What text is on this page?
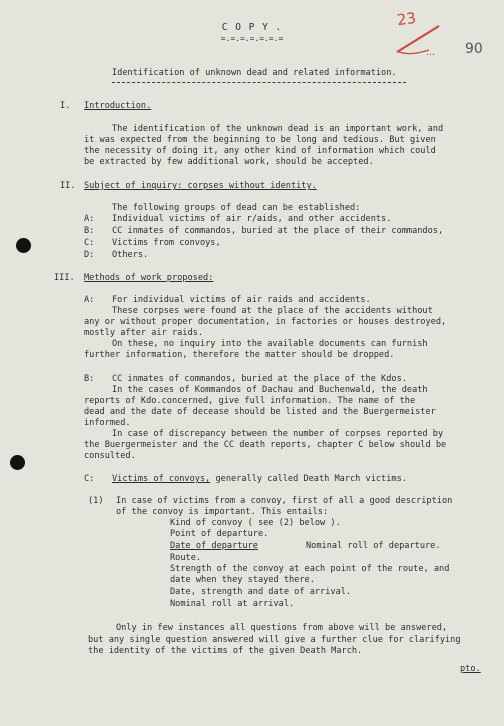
C O P Y .
=.=.=.=.=.=.=
23
… 90
Identification of unknown dead and related information.
I. Introduction.
The identification of the unknown dead is an important work, and
it was expected from the beginning to be long and tedious. But given
the necessity of doing it, any other kind of information which could
be extracted by few additional work, should be accepted.
II. Subject of inquiry: corpses without identity.
The following groups of dead can be established:
A: Individual victims of air r/aids, and other accidents.
B: CC inmates of commandos, buried at the place of their commandos,
C: Victims from convoys,
D: Others.
III. Methods of work proposed:
A: For individual victims of air raids and accidents.
These corpses were found at the place of the accidents without
any or without proper documentation, in factories or houses destroyed,
mostly after air raids.
On these, no inquiry into the available documents can furnish
further information, therefore the matter should be dropped.
B: CC inmates of commandos, buried at the place of the Kdos.
In the cases of Kommandos of Dachau and Buchenwald, the death
reports of Kdo.concerned, give full information. The name of the
dead and the date of decease should be listed and the Buergermeister
informed.
In case of discrepancy between the number of corpses reported by
the Buergermeister and the CC death reports, chapter C below should be
consulted.
C: Victims of convoys, generally called Death March victims.
(1) In case of victims from a convoy, first of all a good description
of the convoy is important. This entails:
Kind of convoy ( see (2) below ).
Point of departure.
Date of departure	Nominal roll of departure.
Route.
Strength of the convoy at each point of the route, and
date when they stayed there.
Date, strength and date of arrival.
Nominal roll at arrival.
Only in few instances all questions from above will be answered,
but any single question answered will give a further clue for clarifying
the identity of the victims of the given Death March.
pto.
